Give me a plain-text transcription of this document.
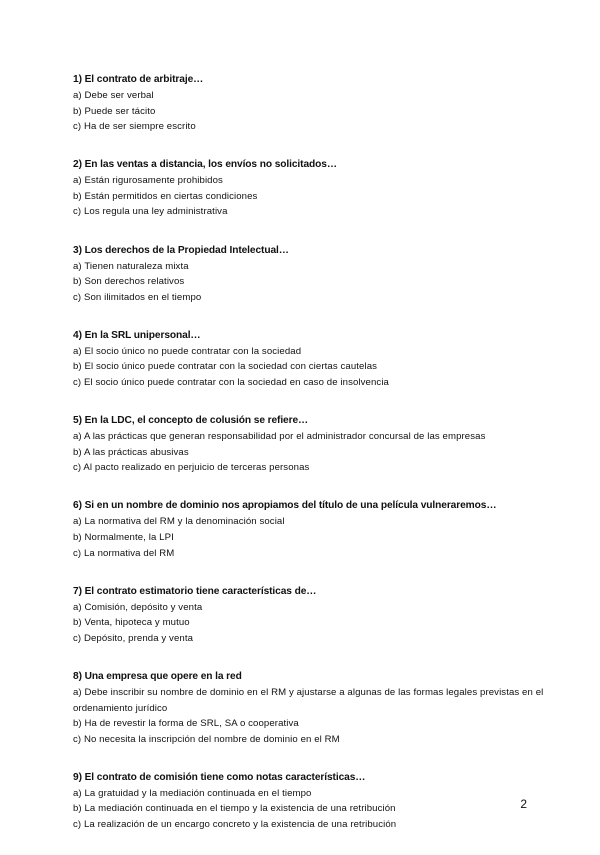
1) El contrato de arbitraje…
a) Debe ser verbal
b) Puede ser tácito
c) Ha de ser siempre escrito
2) En las ventas a distancia, los envíos no solicitados…
a) Están rigurosamente prohibidos
b) Están permitidos en ciertas condiciones
c) Los regula una ley administrativa
3) Los derechos de la Propiedad Intelectual…
a) Tienen naturaleza mixta
b) Son derechos relativos
c) Son ilimitados en el tiempo
4) En la SRL unipersonal…
a) El socio único no puede contratar con la sociedad
b) El socio único puede contratar con la sociedad con ciertas cautelas
c) El socio único puede contratar con la sociedad en caso de insolvencia
5) En la LDC, el concepto de colusión se refiere…
a) A las prácticas que generan responsabilidad por el administrador concursal de las empresas
b) A las prácticas abusivas
c) Al pacto realizado en perjuicio de terceras personas
6) Si en un nombre de dominio nos apropiamos del título de una película vulneraremos…
a) La normativa del RM y la denominación social
b) Normalmente, la LPI
c) La normativa del RM
7) El contrato estimatorio tiene características de…
a) Comisión, depósito y venta
b) Venta, hipoteca y mutuo
c) Depósito, prenda y venta
8) Una empresa que opere en la red
a) Debe inscribir su nombre de dominio en el RM y ajustarse a algunas de las formas legales previstas en el ordenamiento jurídico
b) Ha de revestir la forma de SRL, SA o cooperativa
c) No necesita la inscripción del nombre de dominio en el RM
9) El contrato de comisión tiene como notas características…
a) La gratuidad y la mediación continuada en el tiempo
b) La mediación continuada en el tiempo y la existencia de una retribución
c) La realización de un encargo concreto y la existencia de una retribución
2
